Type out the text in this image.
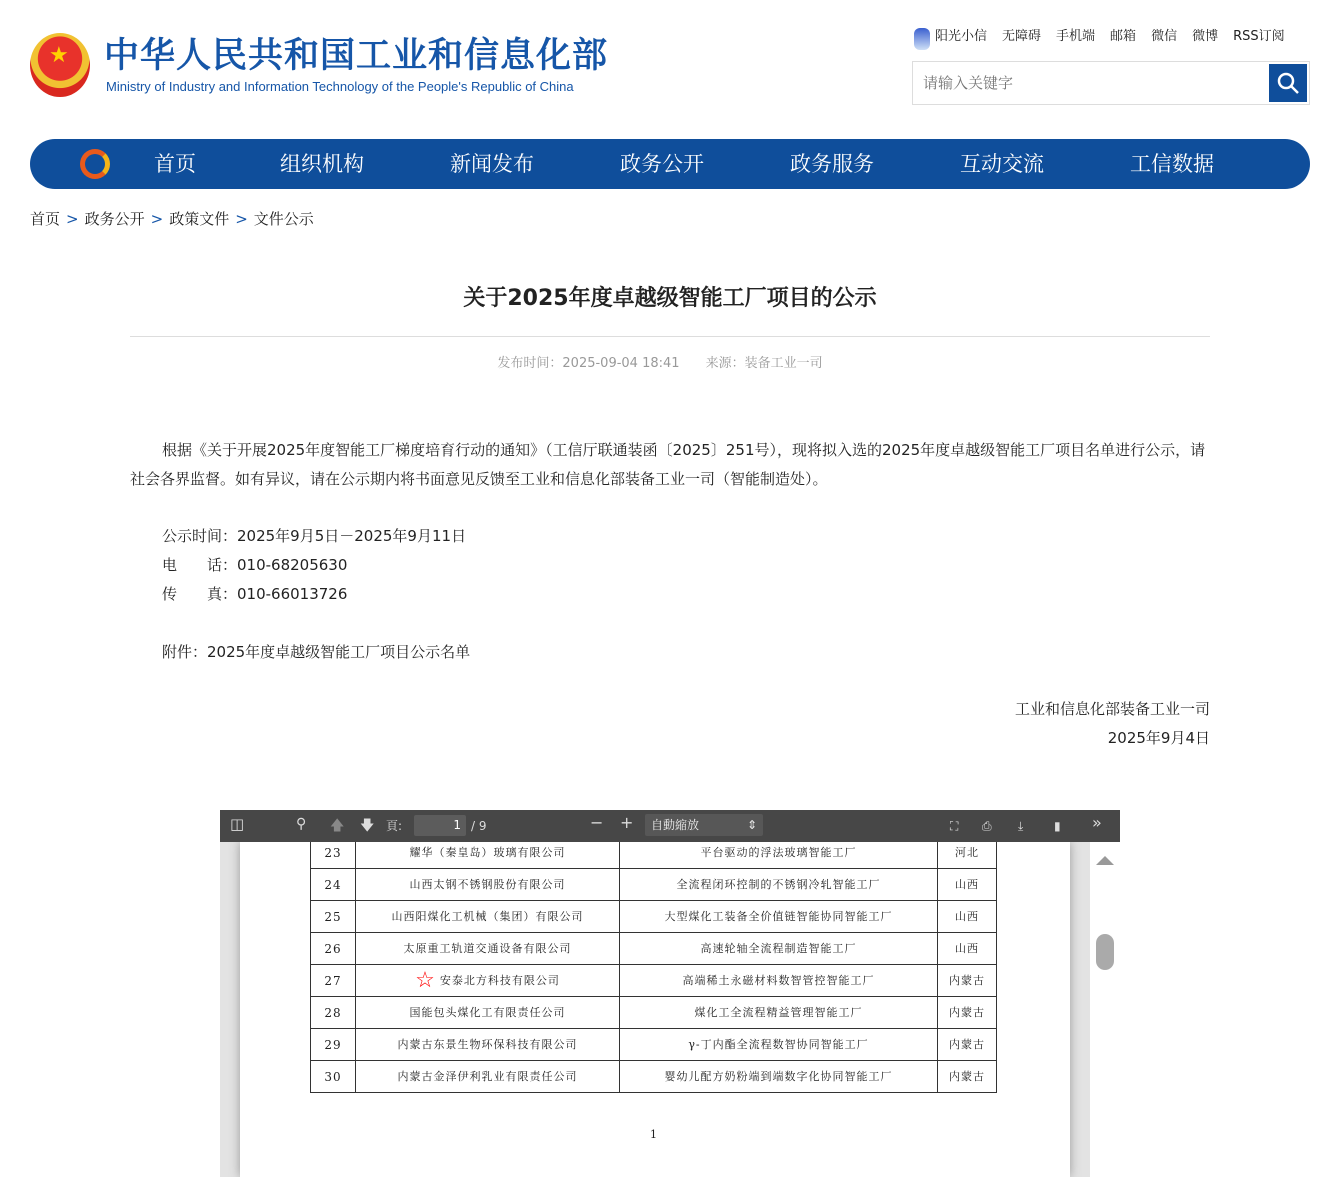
★
中华人民共和国工业和信息化部
Ministry of Industry and Information Technology of the People's Republic of China
阳光小信 无障碍 手机端 邮箱 微信 微博 RSS订阅
请输入关键字
首页	组织机构	新闻发布	政务公开	政务服务	互动交流	工信数据
首页 > 政务公开 > 政策文件 > 文件公示
关于2025年度卓越级智能工厂项目的公示
发布时间：2025-09-04 18:41   来源：装备工业一司
根据《关于开展2025年度智能工厂梯度培育行动的通知》（工信厅联通装函〔2025〕251号），现将拟入选的2025年度卓越级智能工厂项目名单进行公示，请社会各界监督。如有异议，请在公示期内将书面意见反馈至工业和信息化部装备工业一司（智能制造处）。
公示时间：2025年9月5日－2025年9月11日
电　　话：010-68205630
传　　真：010-66013726
附件：2025年度卓越级智能工厂项目公示名单
工业和信息化部装备工业一司
2025年9月4日
◫	⚲ 🡅 🡇 頁:	1 / 9	− +	自動縮放	⇕	⛶ ⎙ ⤓	▮ »
23	耀华（秦皇岛）玻璃有限公司	平台驱动的浮法玻璃智能工厂	河北
24	山西太钢不锈钢股份有限公司	全流程闭环控制的不锈钢冷轧智能工厂	山西
25	山西阳煤化工机械（集团）有限公司	大型煤化工装备全价值链智能协同智能工厂	山西
26	太原重工轨道交通设备有限公司	高速轮轴全流程制造智能工厂	山西
27	☆ 安泰北方科技有限公司	高端稀土永磁材料数智管控智能工厂	内蒙古
28	国能包头煤化工有限责任公司	煤化工全流程精益管理智能工厂	内蒙古
29	内蒙古东景生物环保科技有限公司	γ-丁内酯全流程数智协同智能工厂	内蒙古
30	内蒙古金泽伊利乳业有限责任公司	婴幼儿配方奶粉端到端数字化协同智能工厂	内蒙古
1
